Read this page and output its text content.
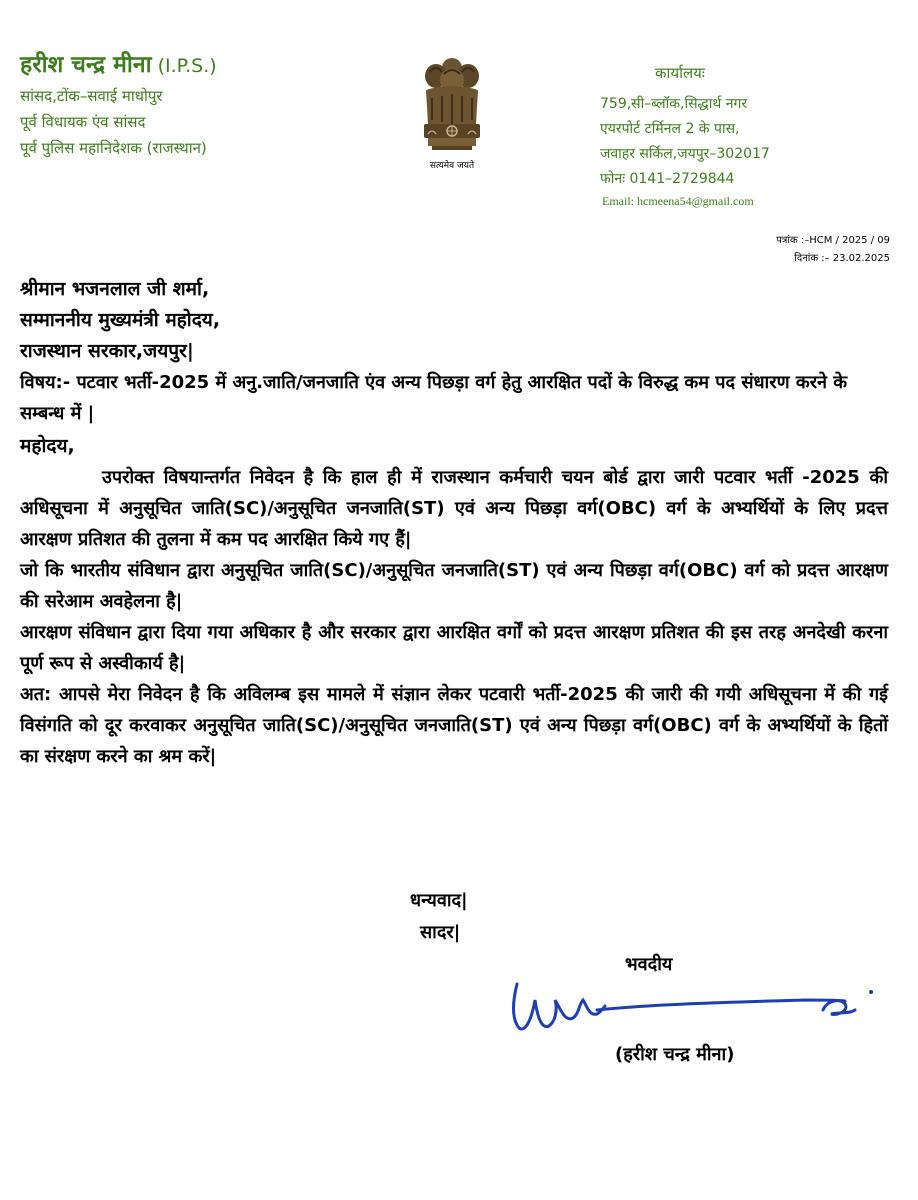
हरीश चन्द्र मीना (I.P.S.)
सांसद,टोंक–सवाई माधोपुर
पूर्व विधायक एंव सांसद
पूर्व पुलिस महानिदेशक (राजस्थान)
सत्यमेव जयते
कार्यालयः
759,सी–ब्लॉक,सिद्धार्थ नगर
एयरपोर्ट टर्मिनल 2 के पास,
जवाहर सर्किल,जयपुर–302017
फोनः 0141–2729844
Email: hcmeena54@gmail.com
पत्रांक :–HCM / 2025 / 09
दिनांक :– 23.02.2025
श्रीमान भजनलाल जी शर्मा,
सम्माननीय मुख्यमंत्री महोदय,
राजस्थान सरकार,जयपुर|
विषय:- पटवार भर्ती-2025 में अनु.जाति/जनजाति एंव अन्य पिछड़ा वर्ग हेतु आरक्षित पदों के विरुद्ध कम पद संधारण करने के सम्बन्ध में |
महोदय,
उपरोक्त विषयान्तर्गत निवेदन है कि हाल ही में राजस्थान कर्मचारी चयन बोर्ड द्वारा जारी पटवार भर्ती -2025 की अधिसूचना में अनुसूचित जाति(SC)/अनुसूचित जनजाति(ST) एवं अन्य पिछड़ा वर्ग(OBC) वर्ग के अभ्यर्थियों के लिए प्रदत्त आरक्षण प्रतिशत की तुलना में कम पद आरक्षित किये गए हैं|
जो कि भारतीय संविधान द्वारा अनुसूचित जाति(SC)/अनुसूचित जनजाति(ST) एवं अन्य पिछड़ा वर्ग(OBC) वर्ग को प्रदत्त आरक्षण की सरेआम अवहेलना है|
आरक्षण संविधान द्वारा दिया गया अधिकार है और सरकार द्वारा आरक्षित वर्गों को प्रदत्त आरक्षण प्रतिशत की इस तरह अनदेखी करना पूर्ण रूप से अस्वीकार्य है|
अत: आपसे मेरा निवेदन है कि अविलम्ब इस मामले में संज्ञान लेकर पटवारी भर्ती-2025 की जारी की गयी अधिसूचना में की गई विसंगति को दूर करवाकर अनुसूचित जाति(SC)/अनुसूचित जनजाति(ST) एवं अन्य पिछड़ा वर्ग(OBC) वर्ग के अभ्यर्थियों के हितों का संरक्षण करने का श्रम करें|
धन्यवाद|
सादर|
भवदीय
(हरीश चन्द्र मीना)
